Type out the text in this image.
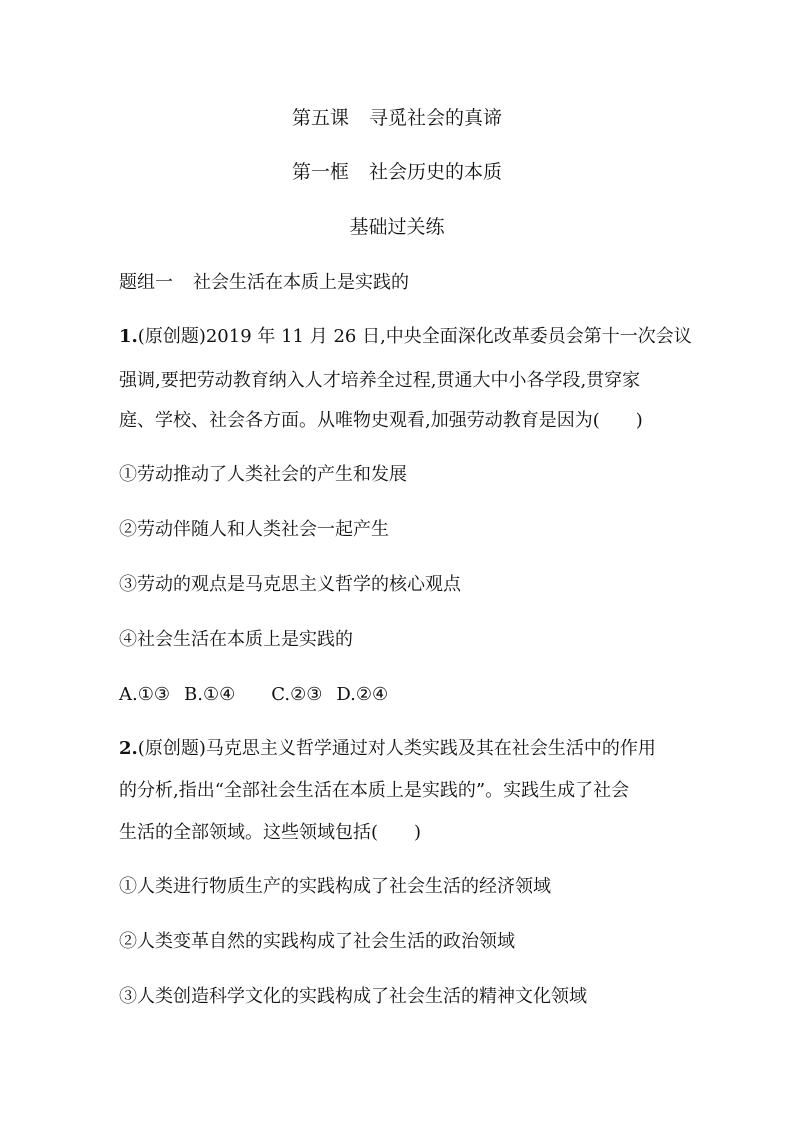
第五课 寻觅社会的真谛
第一框 社会历史的本质
基础过关练
题组一 社会生活在本质上是实践的
1.(原创题)2019 年 11 月 26 日,中央全面深化改革委员会第十一次会议
强调,要把劳动教育纳入人才培养全过程,贯通大中小各学段,贯穿家
庭、学校、社会各方面。从唯物史观看,加强劳动教育是因为(　　)
①劳动推动了人类社会的产生和发展
②劳动伴随人和人类社会一起产生
③劳动的观点是马克思主义哲学的核心观点
④社会生活在本质上是实践的
A.①③ B.①④ C.②③ D.②④
2.(原创题)马克思主义哲学通过对人类实践及其在社会生活中的作用
的分析,指出“全部社会生活在本质上是实践的”。实践生成了社会
生活的全部领域。这些领域包括(　　)
①人类进行物质生产的实践构成了社会生活的经济领域
②人类变革自然的实践构成了社会生活的政治领域
③人类创造科学文化的实践构成了社会生活的精神文化领域
